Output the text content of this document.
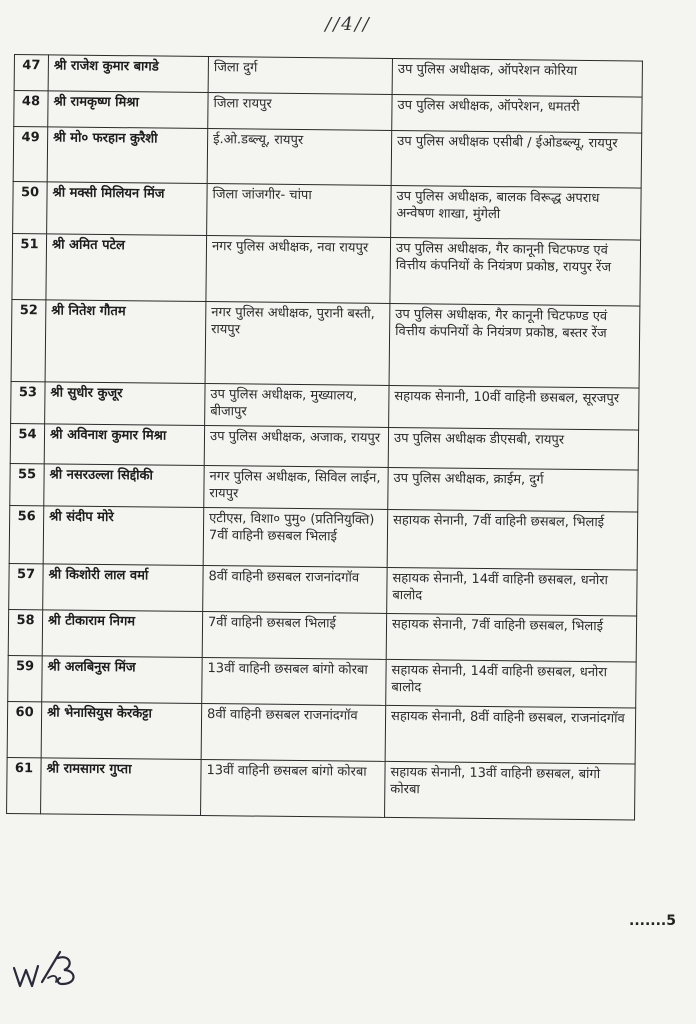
//4//
47	श्री राजेश कुमार बागडे	जिला दुर्ग	उप पुलिस अधीक्षक, ऑपरेशन कोरिया
48	श्री रामकृष्ण मिश्रा	जिला रायपुर	उप पुलिस अधीक्षक, ऑपरेशन, धमतरी
49	श्री मो० फरहान कुरैशी	ई.ओ.डब्ल्यू, रायपुर	उप पुलिस अधीक्षक एसीबी / ईओडब्ल्यू, रायपुर
50	श्री मक्सी मिलियन मिंज	जिला जांजगीर- चांपा	उप पुलिस अधीक्षक, बालक विरूद्ध अपराध अन्वेषण शाखा, मुंगेली
51	श्री अमित पटेल	नगर पुलिस अधीक्षक, नवा रायपुर	उप पुलिस अधीक्षक, गैर कानूनी चिटफण्ड एवं वित्तीय कंपनियों के नियंत्रण प्रकोष्ठ, रायपुर रेंज
52	श्री नितेश गौतम	नगर पुलिस अधीक्षक, पुरानी बस्ती, रायपुर	उप पुलिस अधीक्षक, गैर कानूनी चिटफण्ड एवं वित्तीय कंपनियों के नियंत्रण प्रकोष्ठ, बस्तर रेंज
53	श्री सुधीर कुजूर	उप पुलिस अधीक्षक, मुख्यालय, बीजापुर	सहायक सेनानी, 10वीं वाहिनी छसबल, सूरजपुर
54	श्री अविनाश कुमार मिश्रा	उप पुलिस अधीक्षक, अजाक, रायपुर	उप पुलिस अधीक्षक डीएसबी, रायपुर
55	श्री नसरउल्ला सिद्दीकी	नगर पुलिस अधीक्षक, सिविल लाईन, रायपुर	उप पुलिस अधीक्षक, क्राईम, दुर्ग
56	श्री संदीप मोरे	एटीएस, विशा० पुमु० (प्रतिनियुक्ति) 7वीं वाहिनी छसबल भिलाई	सहायक सेनानी, 7वीं वाहिनी छसबल, भिलाई
57	श्री किशोरी लाल वर्मा	8वीं वाहिनी छसबल राजनांदगॉव	सहायक सेनानी, 14वीं वाहिनी छसबल, धनोरा बालोद
58	श्री टीकाराम निगम	7वीं वाहिनी छसबल भिलाई	सहायक सेनानी, 7वीं वाहिनी छसबल, भिलाई
59	श्री अलबिनुस मिंज	13वीं वाहिनी छसबल बांगो कोरबा	सहायक सेनानी, 14वीं वाहिनी छसबल, धनोरा बालोद
60	श्री भेनासियुस केरकेट्टा	8वीं वाहिनी छसबल राजनांदगॉव	सहायक सेनानी, 8वीं वाहिनी छसबल, राजनांदगॉव
61	श्री रामसागर गुप्ता	13वीं वाहिनी छसबल बांगो कोरबा	सहायक सेनानी, 13वीं वाहिनी छसबल, बांगो कोरबा
.......5
